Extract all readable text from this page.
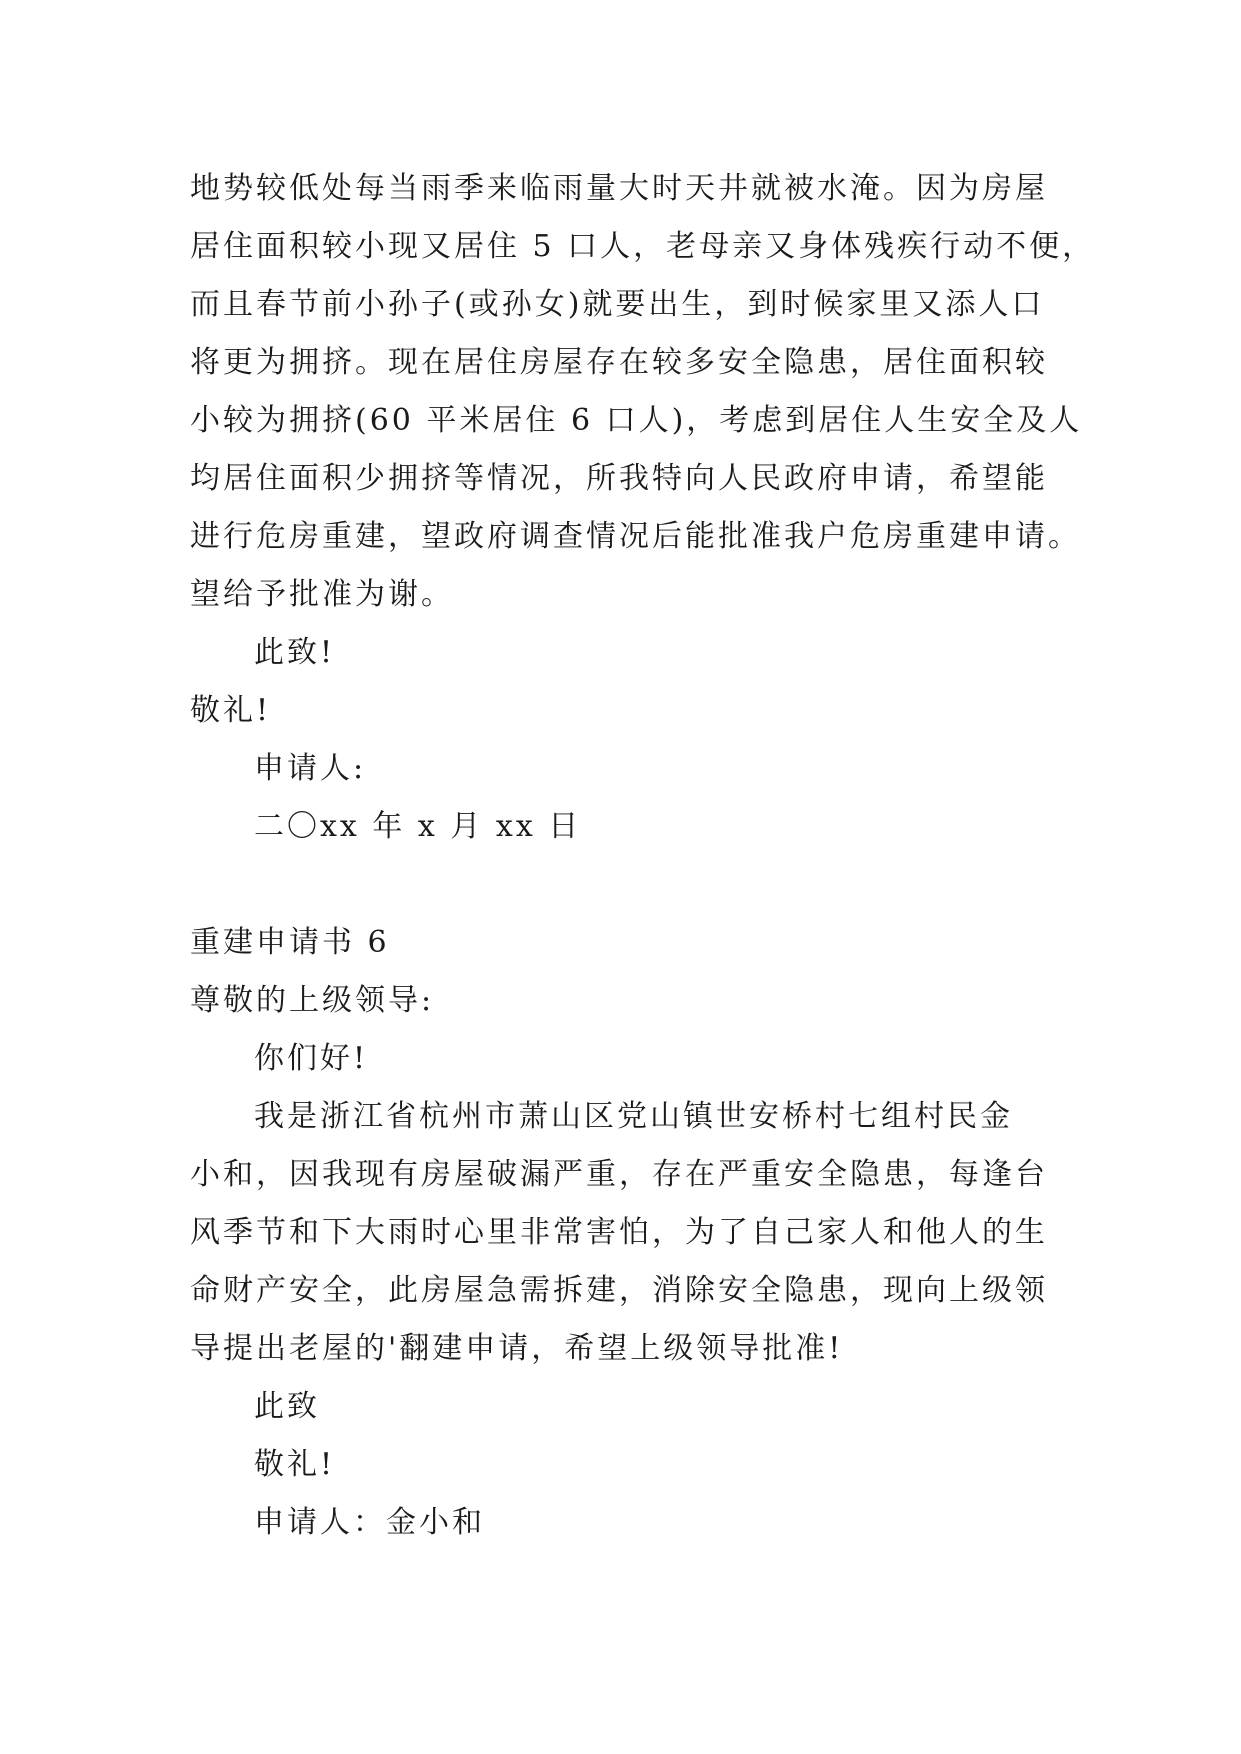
地势较低处每当雨季来临雨量大时天井就被水淹。因为房屋
居住面积较小现又居住 5 口人，老母亲又身体残疾行动不便，
而且春节前小孙子(或孙女)就要出生，到时候家里又添人口
将更为拥挤。现在居住房屋存在较多安全隐患，居住面积较
小较为拥挤(60 平米居住 6 口人)，考虑到居住人生安全及人
均居住面积少拥挤等情况，所我特向人民政府申请，希望能
进行危房重建，望政府调查情况后能批准我户危房重建申请。
望给予批准为谢。
此致!
敬礼!
申请人:
二〇xx 年 x 月 xx 日
重建申请书 6
尊敬的上级领导:
你们好!
我是浙江省杭州市萧山区党山镇世安桥村七组村民金
小和，因我现有房屋破漏严重，存在严重安全隐患，每逢台
风季节和下大雨时心里非常害怕，为了自己家人和他人的生
命财产安全，此房屋急需拆建，消除安全隐患，现向上级领
导提出老屋的'翻建申请，希望上级领导批准!
此致
敬礼!
申请人：金小和
